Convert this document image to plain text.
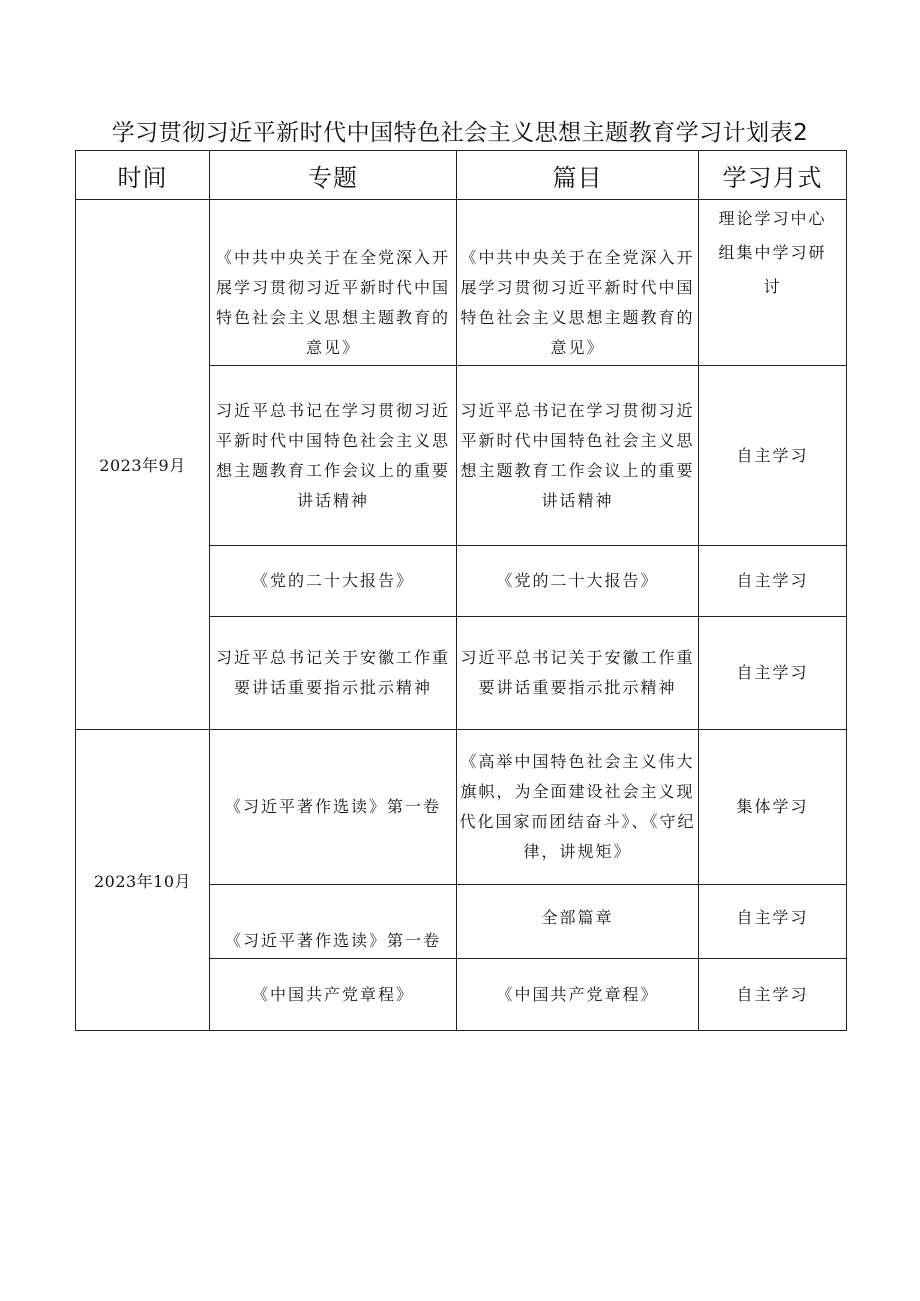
学习贯彻习近平新时代中国特色社会主义思想主题教育学习计划表2
时间	专题	篇目	学习月式
2023年9月	《中共中央关于在全党深入开展学习贯彻习近平新时代中国特色社会主义思想主题教育的意见》	《中共中央关于在全党深入开展学习贯彻习近平新时代中国特色社会主义思想主题教育的意见》	理论学习中心
组集中学习研
讨

	习近平总书记在学习贯彻习近平新时代中国特色社会主义思想主题教育工作会议上的重要讲话精神	习近平总书记在学习贯彻习近平新时代中国特色社会主义思想主题教育工作会议上的重要讲话精神	自主学习

	《党的二十大报告》	《党的二十大报告》	自主学习

	习近平总书记关于安徽工作重要讲话重要指示批示精神	习近平总书记关于安徽工作重要讲话重要指示批示精神	自主学习

2023年10月	《习近平著作选读》第一卷	《高举中国特色社会主义伟大旗帜，为全面建设社会主义现代化国家而团结奋斗》、《守纪律，讲规矩》	集体学习

	《习近平著作选读》第一卷	全部篇章	自主学习

	《中国共产党章程》	《中国共产党章程》	自主学习
